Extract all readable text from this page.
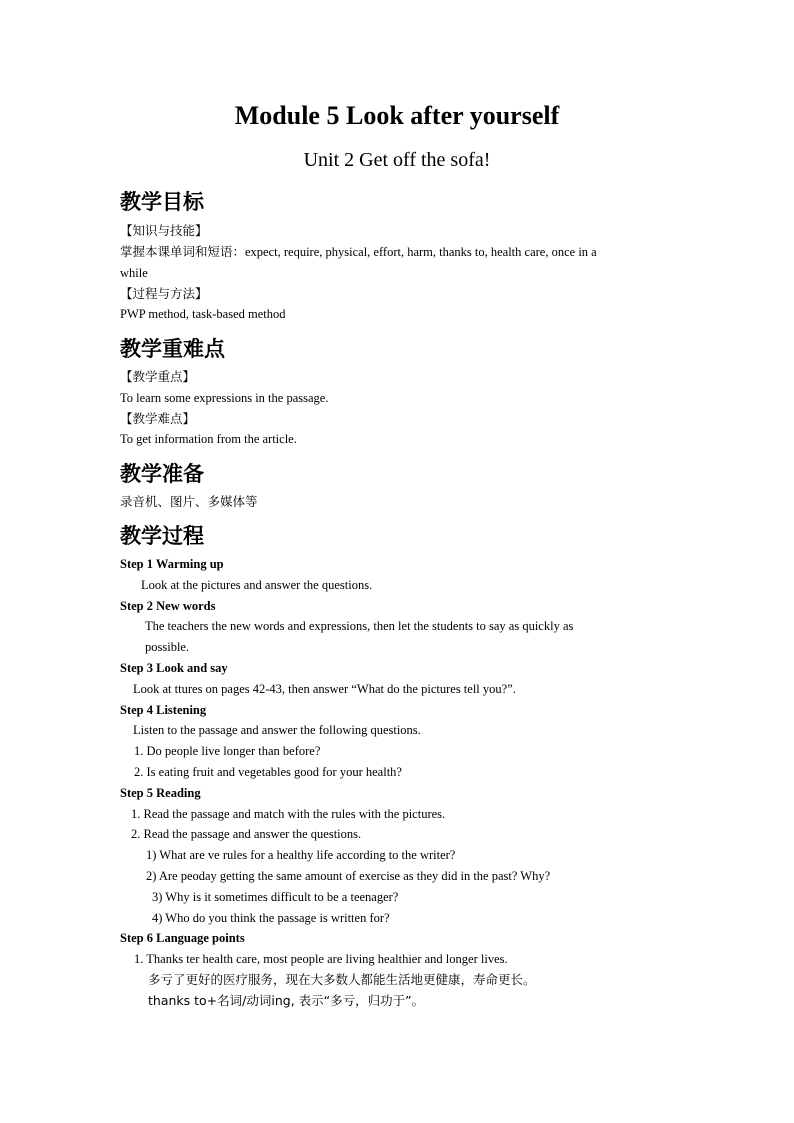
Module 5 Look after yourself
Unit 2 Get off the sofa!
教学目标
【知识与技能】
掌握本课单词和短语：expect, require, physical, effort, harm, thanks to, health care, once in a
while
【过程与方法】
PWP method, task-based method
教学重难点
【教学重点】
To learn some expressions in the passage.
【教学难点】
To get information from the article.
教学准备
录音机、图片、多媒体等
教学过程
Step 1 Warming up
Look at the pictures and answer the questions.
Step 2 New words
The teachers the new words and expressions, then let the students to say as quickly as
possible.
Step 3 Look and say
Look at ttures on pages 42-43, then answer “What do the pictures tell you?”.
Step 4 Listening
Listen to the passage and answer the following questions.
1. Do people live longer than before?
2. Is eating fruit and vegetables good for your health?
Step 5 Reading
1. Read the passage and match with the rules with the pictures.
2. Read the passage and answer the questions.
1) What are ve rules for a healthy life according to the writer?
2) Are peoday getting the same amount of exercise as they did in the past? Why?
3) Why is it sometimes difficult to be a teenager?
4) Who do you think the passage is written for?
Step 6 Language points
1. Thanks ter health care, most people are living healthier and longer lives.
多亏了更好的医疗服务，现在大多数人都能生活地更健康，寿命更长。
thanks to+名词/动词ing, 表示“多亏，归功于”。
